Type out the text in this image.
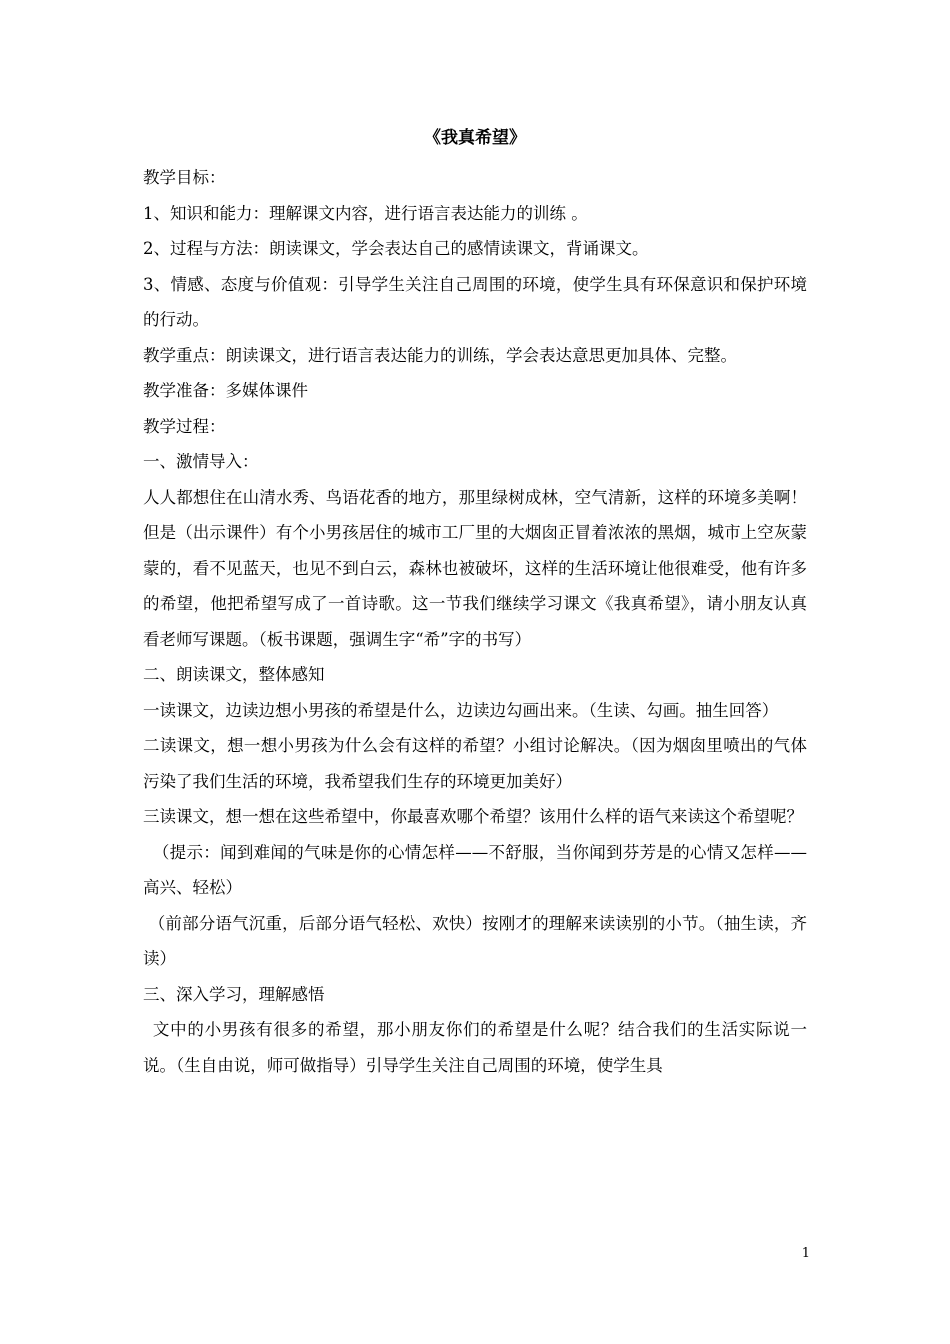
《我真希望》

教学目标：

1、知识和能力：理解课文内容，进行语言表达能力的训练 。

2、过程与方法：朗读课文，学会表达自己的感情读课文，背诵课文。

3、情感、态度与价值观：引导学生关注自己周围的环境，使学生具有环保意识和保护环境的行动。

教学重点：朗读课文，进行语言表达能力的训练，学会表达意思更加具体、完整。

教学准备：多媒体课件

教学过程：

一、激情导入：

人人都想住在山清水秀、鸟语花香的地方，那里绿树成林，空气清新，这样的环境多美啊！但是（出示课件）有个小男孩居住的城市工厂里的大烟囱正冒着浓浓的黑烟，城市上空灰蒙蒙的，看不见蓝天，也见不到白云，森林也被破坏，这样的生活环境让他很难受，他有许多的希望，他把希望写成了一首诗歌。这一节我们继续学习课文《我真希望》，请小朋友认真看老师写课题。（板书课题，强调生字“希”字的书写）

二、朗读课文，整体感知

一读课文，边读边想小男孩的希望是什么，边读边勾画出来。（生读、勾画。抽生回答）

二读课文，想一想小男孩为什么会有这样的希望？小组讨论解决。（因为烟囱里喷出的气体污染了我们生活的环境，我希望我们生存的环境更加美好）

三读课文，想一想在这些希望中，你最喜欢哪个希望？该用什么样的语气来读这个希望呢？

（提示：闻到难闻的气味是你的心情怎样——不舒服，当你闻到芬芳是的心情又怎样——高兴、轻松）

（前部分语气沉重，后部分语气轻松、欢快）按刚才的理解来读读别的小节。（抽生读，齐读）

三、深入学习，理解感悟

文中的小男孩有很多的希望，那小朋友你们的希望是什么呢？结合我们的生活实际说一说。（生自由说，师可做指导）引导学生关注自己周围的环境，使学生具

1
